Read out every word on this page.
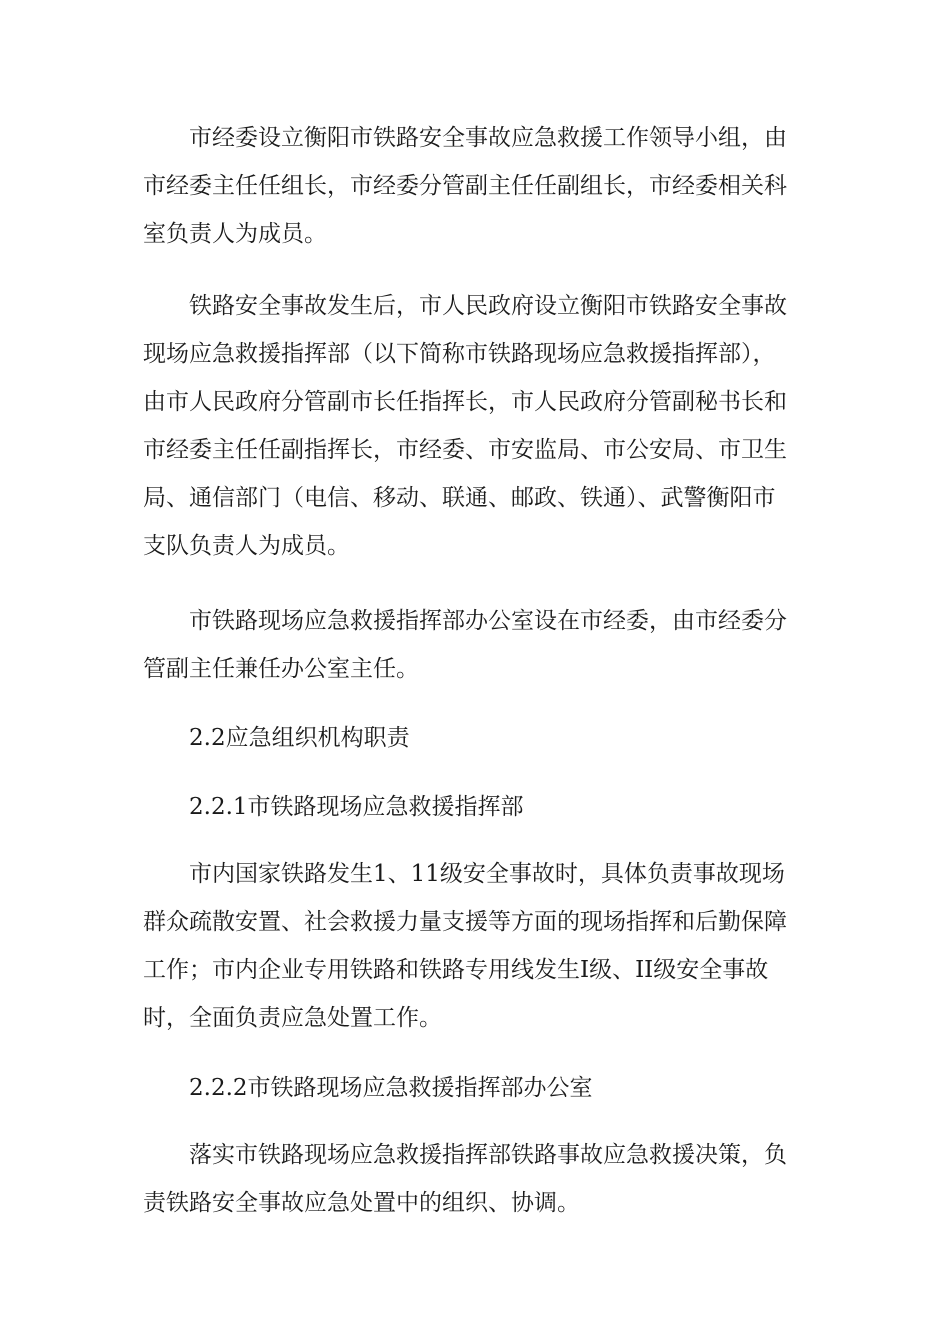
市经委设立衡阳市铁路安全事故应急救援工作领导小组，由
市经委主任任组长，市经委分管副主任任副组长，市经委相关科
室负责人为成员。
铁路安全事故发生后，市人民政府设立衡阳市铁路安全事故
现场应急救援指挥部（以下简称市铁路现场应急救援指挥部），
由市人民政府分管副市长任指挥长，市人民政府分管副秘书长和
市经委主任任副指挥长，市经委、市安监局、市公安局、市卫生
局、通信部门（电信、移动、联通、邮政、铁通）、武警衡阳市
支队负责人为成员。
市铁路现场应急救援指挥部办公室设在市经委，由市经委分
管副主任兼任办公室主任。
2.2应急组织机构职责
2.2.1市铁路现场应急救援指挥部
市内国家铁路发生1、11级安全事故时，具体负责事故现场
群众疏散安置、社会救援力量支援等方面的现场指挥和后勤保障
工作；市内企业专用铁路和铁路专用线发生I级、II级安全事故
时，全面负责应急处置工作。
2.2.2市铁路现场应急救援指挥部办公室
落实市铁路现场应急救援指挥部铁路事故应急救援决策，负
责铁路安全事故应急处置中的组织、协调。
